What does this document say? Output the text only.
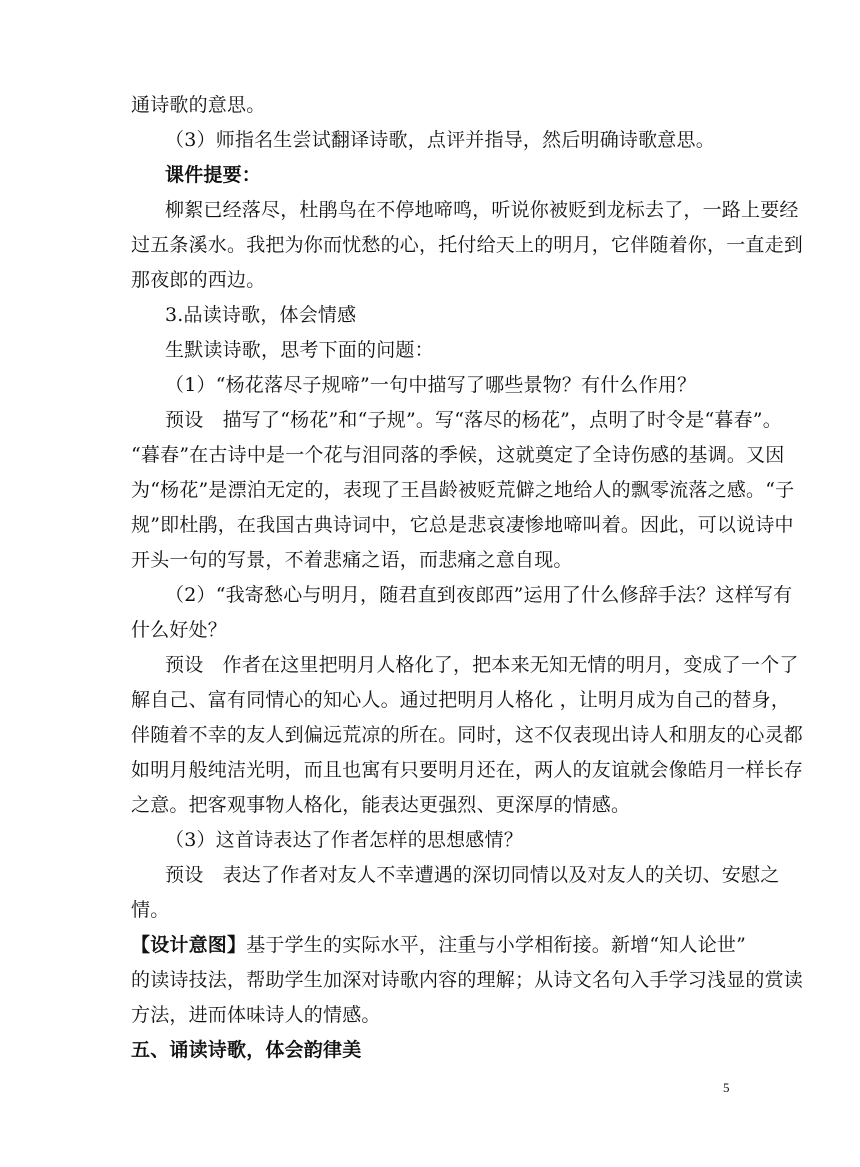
通诗歌的意思。
（3）师指名生尝试翻译诗歌，点评并指导，然后明确诗歌意思。
课件提要：
柳絮已经落尽，杜鹃鸟在不停地啼鸣，听说你被贬到龙标去了，一路上要经
过五条溪水。我把为你而忧愁的心，托付给天上的明月，它伴随着你，一直走到
那夜郎的西边。
3.品读诗歌，体会情感
生默读诗歌，思考下面的问题：
（1）“杨花落尽子规啼”一句中描写了哪些景物？有什么作用？
预设　描写了“杨花”和“子规”。写“落尽的杨花”，点明了时令是“暮春”。
“暮春”在古诗中是一个花与泪同落的季候，这就奠定了全诗伤感的基调。又因
为“杨花”是漂泊无定的，表现了王昌龄被贬荒僻之地给人的飘零流落之感。“子
规”即杜鹃，在我国古典诗词中，它总是悲哀凄惨地啼叫着。因此，可以说诗中
开头一句的写景，不着悲痛之语，而悲痛之意自现。
（2）“我寄愁心与明月，随君直到夜郎西”运用了什么修辞手法？这样写有
什么好处？
预设　作者在这里把明月人格化了，把本来无知无情的明月，变成了一个了
解自己、富有同情心的知心人。通过把明月人格化 ，让明月成为自己的替身，
伴随着不幸的友人到偏远荒凉的所在。同时，这不仅表现出诗人和朋友的心灵都
如明月般纯洁光明，而且也寓有只要明月还在，两人的友谊就会像皓月一样长存
之意。把客观事物人格化，能表达更强烈、更深厚的情感。
（3）这首诗表达了作者怎样的思想感情？
预设　表达了作者对友人不幸遭遇的深切同情以及对友人的关切、安慰之
情。
【设计意图】基于学生的实际水平，注重与小学相衔接。新增“知人论世”
的读诗技法，帮助学生加深对诗歌内容的理解；从诗文名句入手学习浅显的赏读
方法，进而体味诗人的情感。
五、诵读诗歌，体会韵律美
5
